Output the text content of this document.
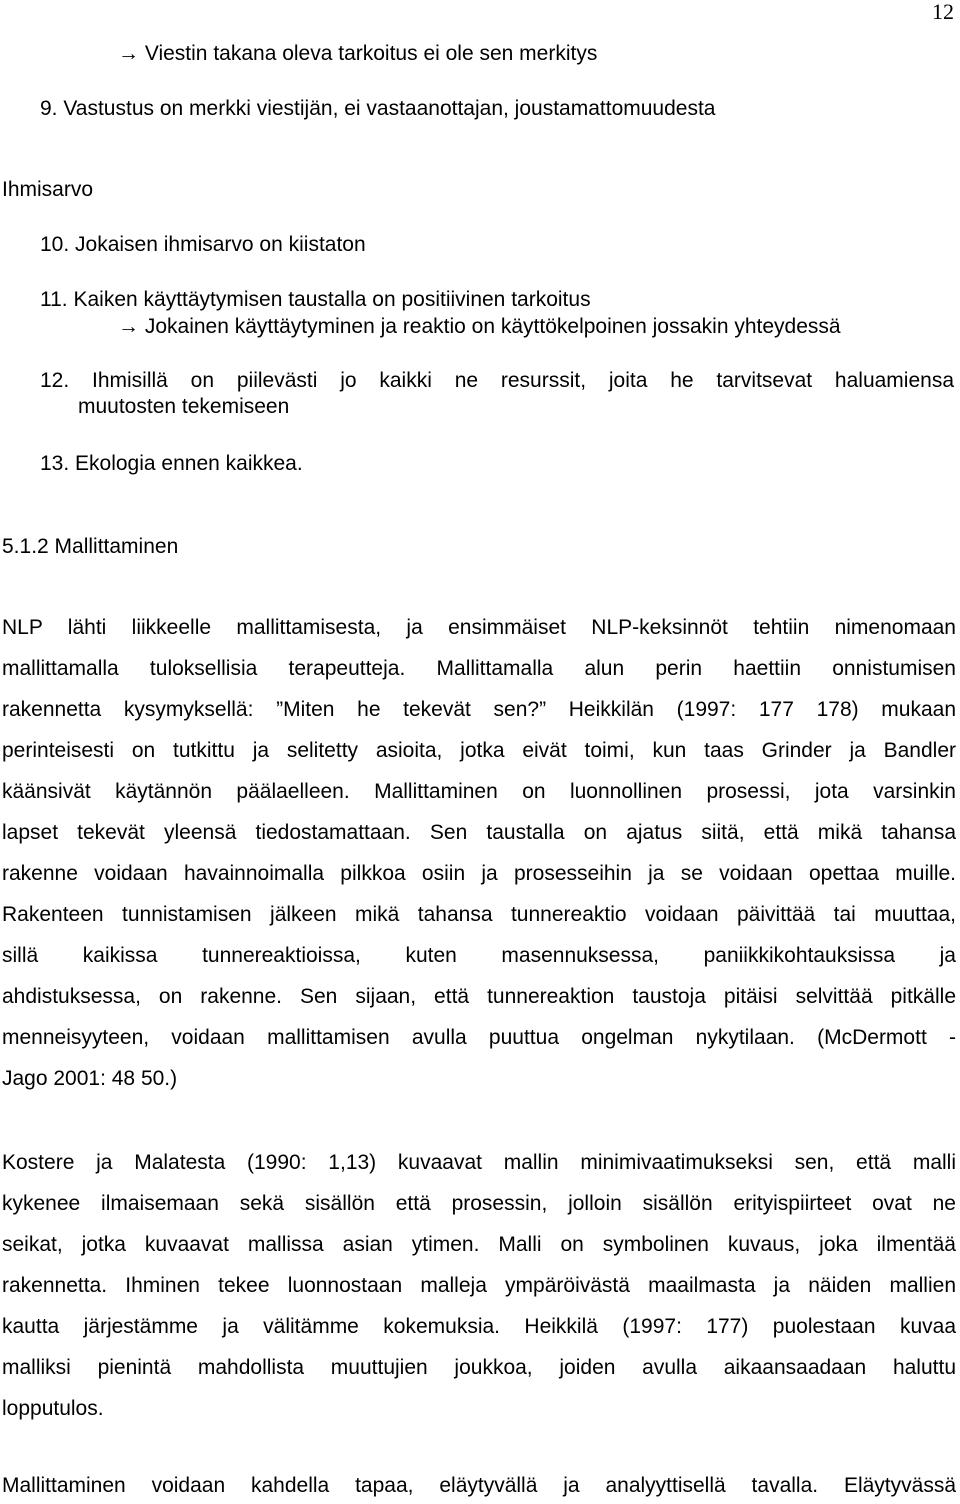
12
→ Viestin takana oleva tarkoitus ei ole sen merkitys
9. Vastustus on merkki viestijän, ei vastaanottajan, joustamattomuudesta
Ihmisarvo
10. Jokaisen ihmisarvo on kiistaton
11. Kaiken käyttäytymisen taustalla on positiivinen tarkoitus
→ Jokainen käyttäytyminen ja reaktio on käyttökelpoinen jossakin yhteydessä
12. Ihmisillä on piilevästi jo kaikki ne resurssit, joita he tarvitsevat haluamiensa
muutosten tekemiseen
13. Ekologia ennen kaikkea.
5.1.2 Mallittaminen
NLP lähti liikkeelle mallittamisesta, ja ensimmäiset NLP-keksinnöt tehtiin nimenomaan
mallittamalla tuloksellisia terapeutteja. Mallittamalla alun perin haettiin onnistumisen
rakennetta kysymyksellä: ”Miten he tekevät sen?” Heikkilän (1997: 177 178) mukaan
perinteisesti on tutkittu ja selitetty asioita, jotka eivät toimi, kun taas Grinder ja Bandler
käänsivät käytännön päälaelleen. Mallittaminen on luonnollinen prosessi, jota varsinkin
lapset tekevät yleensä tiedostamattaan. Sen taustalla on ajatus siitä, että mikä tahansa
rakenne voidaan havainnoimalla pilkkoa osiin ja prosesseihin ja se voidaan opettaa muille.
Rakenteen tunnistamisen jälkeen mikä tahansa tunnereaktio voidaan päivittää tai muuttaa,
sillä kaikissa tunnereaktioissa, kuten masennuksessa, paniikkikohtauksissa ja
ahdistuksessa, on rakenne. Sen sijaan, että tunnereaktion taustoja pitäisi selvittää pitkälle
menneisyyteen, voidaan mallittamisen avulla puuttua ongelman nykytilaan. (McDermott -
Jago 2001: 48 50.)
Kostere ja Malatesta (1990: 1,13) kuvaavat mallin minimivaatimukseksi sen, että malli
kykenee ilmaisemaan sekä sisällön että prosessin, jolloin sisällön erityispiirteet ovat ne
seikat, jotka kuvaavat mallissa asian ytimen. Malli on symbolinen kuvaus, joka ilmentää
rakennetta. Ihminen tekee luonnostaan malleja ympäröivästä maailmasta ja näiden mallien
kautta järjestämme ja välitämme kokemuksia. Heikkilä (1997: 177) puolestaan kuvaa
malliksi pienintä mahdollista muuttujien joukkoa, joiden avulla aikaansaadaan haluttu
lopputulos.
Mallittaminen voidaan kahdella tapaa, eläytyvällä ja analyyttisellä tavalla. Eläytyvässä
